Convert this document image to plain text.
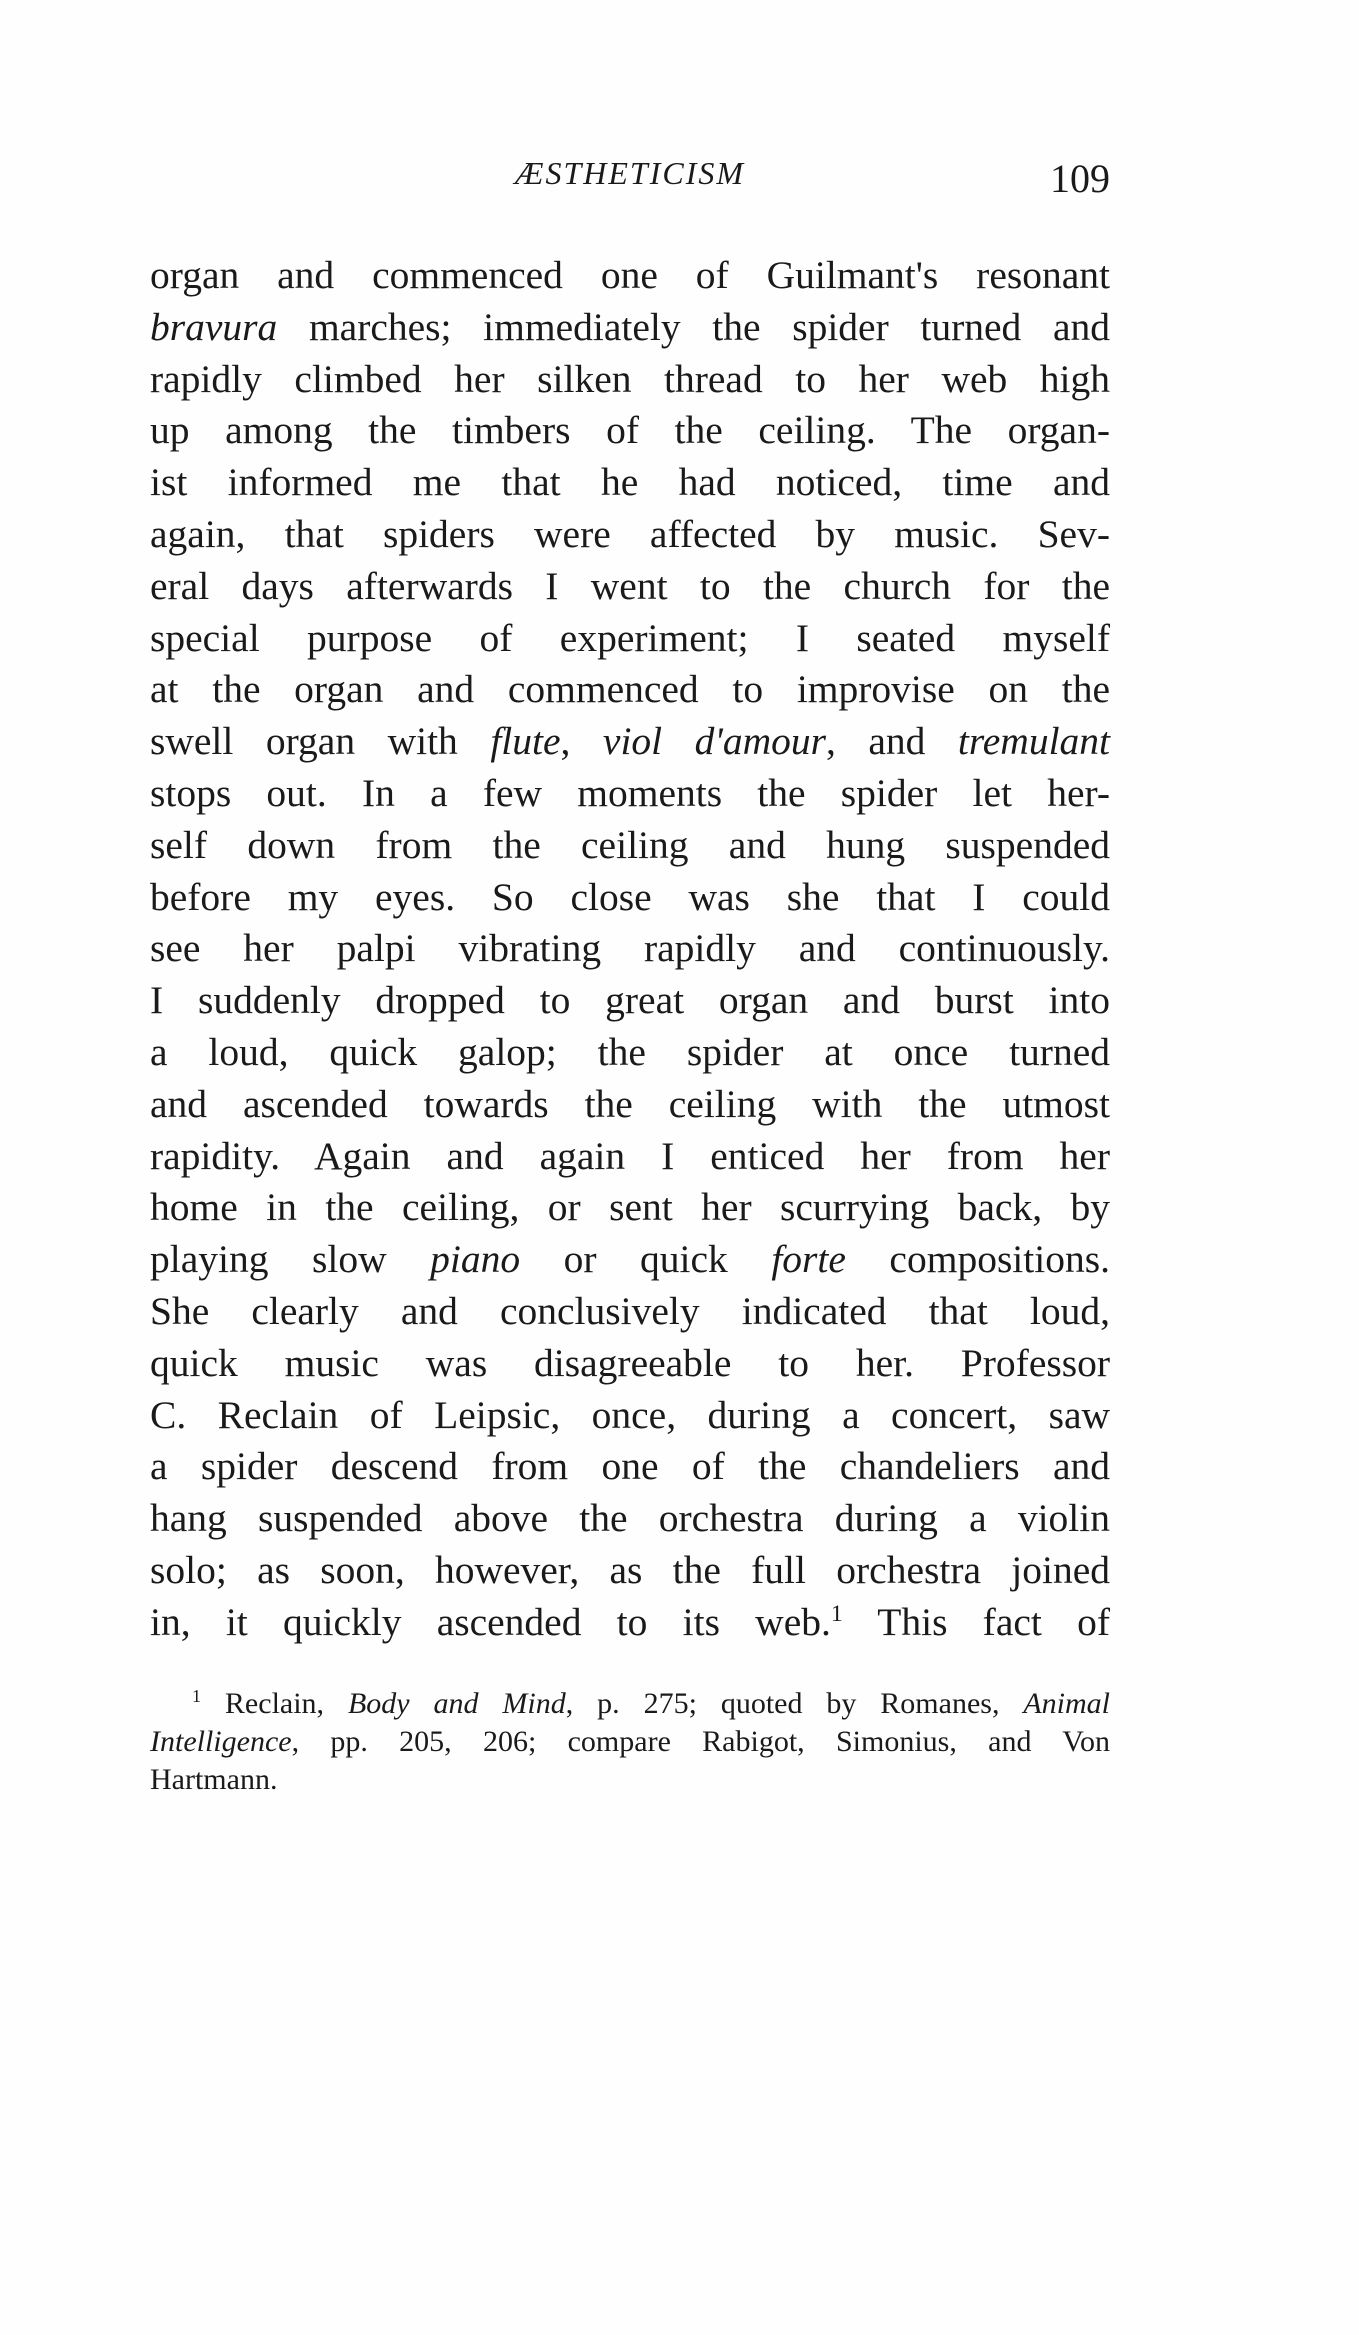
ÆSTHETICISM	109
organ and commenced one of Guilmant's resonant
bravura marches; immediately the spider turned and
rapidly climbed her silken thread to her web high
up among the timbers of the ceiling. The organ-
ist informed me that he had noticed, time and
again, that spiders were affected by music. Sev-
eral days afterwards I went to the church for the
special purpose of experiment; I seated myself
at the organ and commenced to improvise on the
swell organ with flute, viol d'amour, and tremulant
stops out. In a few moments the spider let her-
self down from the ceiling and hung suspended
before my eyes. So close was she that I could
see her palpi vibrating rapidly and continuously.
I suddenly dropped to great organ and burst into
a loud, quick galop; the spider at once turned
and ascended towards the ceiling with the utmost
rapidity. Again and again I enticed her from her
home in the ceiling, or sent her scurrying back, by
playing slow piano or quick forte compositions.
She clearly and conclusively indicated that loud,
quick music was disagreeable to her. Professor
C. Reclain of Leipsic, once, during a concert, saw
a spider descend from one of the chandeliers and
hang suspended above the orchestra during a violin
solo; as soon, however, as the full orchestra joined
in, it quickly ascended to its web.$^1$ This fact of
$^1$ Reclain, Body and Mind, p. 275; quoted by Romanes, Animal
Intelligence, pp. 205, 206; compare Rabigot, Simonius, and Von
Hartmann.
